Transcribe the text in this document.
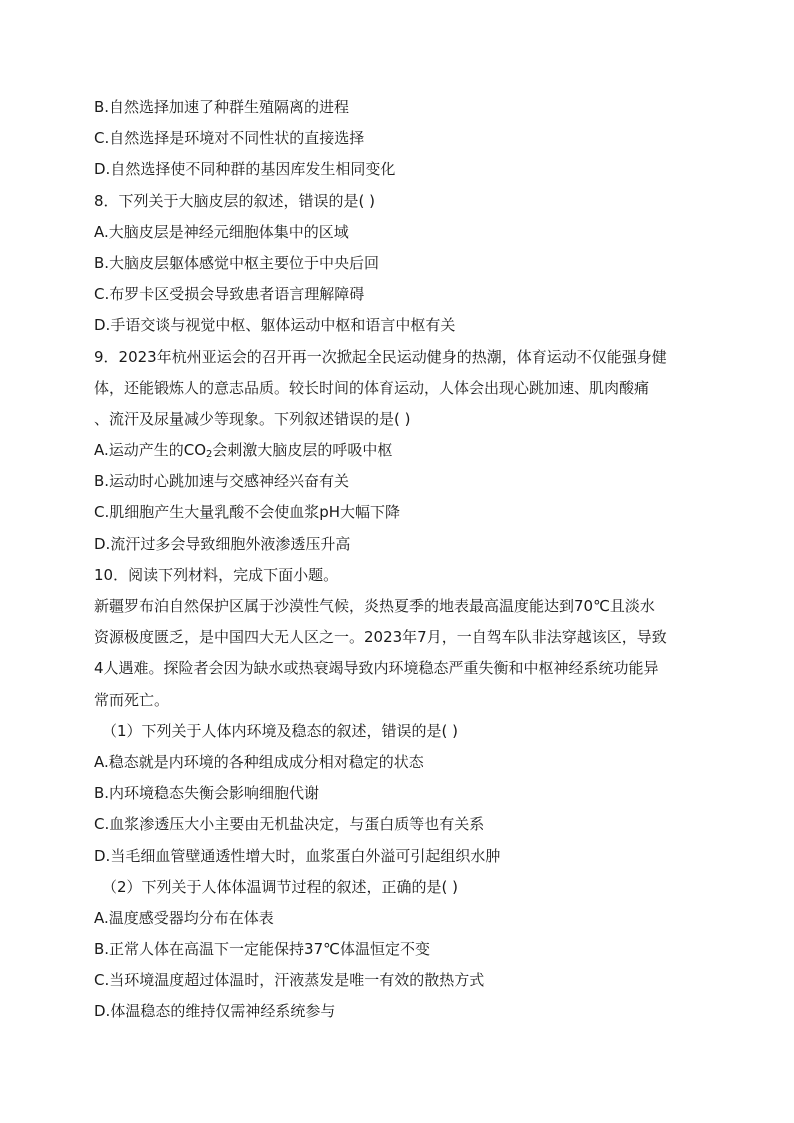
B.自然选择加速了种群生殖隔离的进程
C.自然选择是环境对不同性状的直接选择
D.自然选择使不同种群的基因库发生相同变化
8．下列关于大脑皮层的叙述，错误的是( )
A.大脑皮层是神经元细胞体集中的区域
B.大脑皮层躯体感觉中枢主要位于中央后回
C.布罗卡区受损会导致患者语言理解障碍
D.手语交谈与视觉中枢、躯体运动中枢和语言中枢有关
9．2023年杭州亚运会的召开再一次掀起全民运动健身的热潮，体育运动不仅能强身健
体，还能锻炼人的意志品质。较长时间的体育运动，人体会出现心跳加速、肌肉酸痛
、流汗及尿量减少等现象。下列叙述错误的是( )
A.运动产生的$CO_2$会刺激大脑皮层的呼吸中枢
B.运动时心跳加速与交感神经兴奋有关
C.肌细胞产生大量乳酸不会使血浆pH大幅下降
D.流汗过多会导致细胞外液渗透压升高
10．阅读下列材料，完成下面小题。
新疆罗布泊自然保护区属于沙漠性气候，炎热夏季的地表最高温度能达到70℃且淡水
资源极度匮乏，是中国四大无人区之一。2023年7月，一自驾车队非法穿越该区，导致
4人遇难。探险者会因为缺水或热衰竭导致内环境稳态严重失衡和中枢神经系统功能异
常而死亡。
（1）下列关于人体内环境及稳态的叙述，错误的是( )
A.稳态就是内环境的各种组成成分相对稳定的状态
B.内环境稳态失衡会影响细胞代谢
C.血浆渗透压大小主要由无机盐决定，与蛋白质等也有关系
D.当毛细血管壁通透性增大时，血浆蛋白外溢可引起组织水肿
（2）下列关于人体体温调节过程的叙述，正确的是( )
A.温度感受器均分布在体表
B.正常人体在高温下一定能保持37℃体温恒定不变
C.当环境温度超过体温时，汗液蒸发是唯一有效的散热方式
D.体温稳态的维持仅需神经系统参与
